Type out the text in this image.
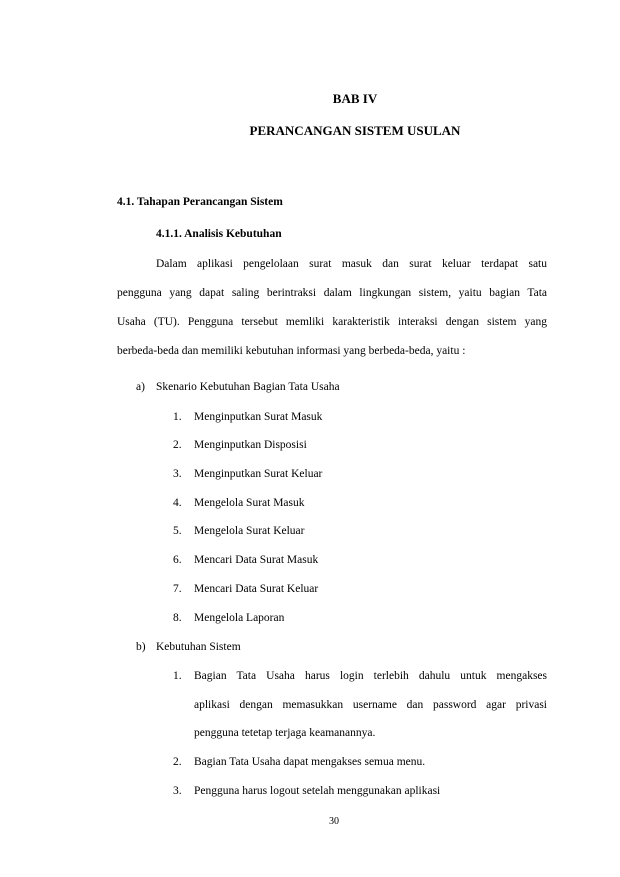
BAB IV
PERANCANGAN SISTEM USULAN
4.1. Tahapan Perancangan Sistem
4.1.1. Analisis Kebutuhan
Dalam aplikasi pengelolaan surat masuk dan surat keluar terdapat satu
pengguna yang dapat saling berintraksi dalam lingkungan sistem, yaitu bagian Tata
Usaha (TU). Pengguna tersebut memliki karakteristik interaksi dengan sistem yang
berbeda-beda dan memiliki kebutuhan informasi yang berbeda-beda, yaitu :
a) Skenario Kebutuhan Bagian Tata Usaha
1. Menginputkan Surat Masuk
2. Menginputkan Disposisi
3. Menginputkan Surat Keluar
4. Mengelola Surat Masuk
5. Mengelola Surat Keluar
6. Mencari Data Surat Masuk
7. Mencari Data Surat Keluar
8. Mengelola Laporan
b) Kebutuhan Sistem
1. Bagian Tata Usaha harus login terlebih dahulu untuk mengakses
aplikasi dengan memasukkan username dan password agar privasi
pengguna tetetap terjaga keamanannya.
2. Bagian Tata Usaha dapat mengakses semua menu.
3. Pengguna harus logout setelah menggunakan aplikasi
30
